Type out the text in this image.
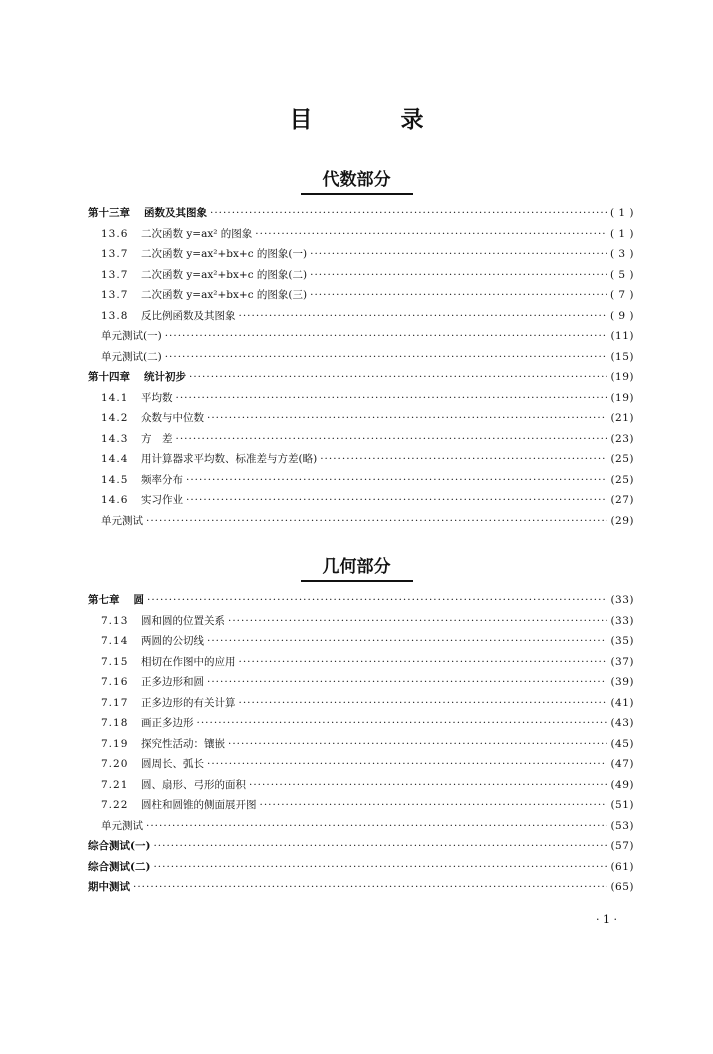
目 录
代数部分
第十三章 函数及其图象 ·····	( 1 )
13.6	二次函数 y=ax² 的图象 ·····	( 1 )
13.7	二次函数 y=ax²+bx+c 的图象(一) ·····	( 3 )
13.7	二次函数 y=ax²+bx+c 的图象(二) ·····	( 5 )
13.7	二次函数 y=ax²+bx+c 的图象(三) ·····	( 7 )
13.8	反比例函数及其图象 ·····	( 9 )
单元测试(一) ·····	(11)
单元测试(二) ·····	(15)
第十四章 统计初步 ·····	(19)
14.1	平均数 ·····	(19)
14.2	众数与中位数 ·····	(21)
14.3	方　差 ·····	(23)
14.4	用计算器求平均数、标准差与方差(略) ·····	(25)
14.5	频率分布 ·····	(25)
14.6	实习作业 ·····	(27)
单元测试 ·····	(29)
几何部分
第七章 圆 ·····	(33)
7.13	圆和圆的位置关系 ·····	(33)
7.14	两圆的公切线 ·····	(35)
7.15	相切在作图中的应用 ·····	(37)
7.16	正多边形和圆 ·····	(39)
7.17	正多边形的有关计算 ·····	(41)
7.18	画正多边形 ·····	(43)
7.19	探究性活动：镶嵌 ·····	(45)
7.20	圆周长、弧长 ·····	(47)
7.21	圆、扇形、弓形的面积 ·····	(49)
7.22	圆柱和圆锥的侧面展开图 ·····	(51)
单元测试 ·····	(53)
综合测试(一) ·····	(57)
综合测试(二) ·····	(61)
期中测试 ·····	(65)
· 1 ·
